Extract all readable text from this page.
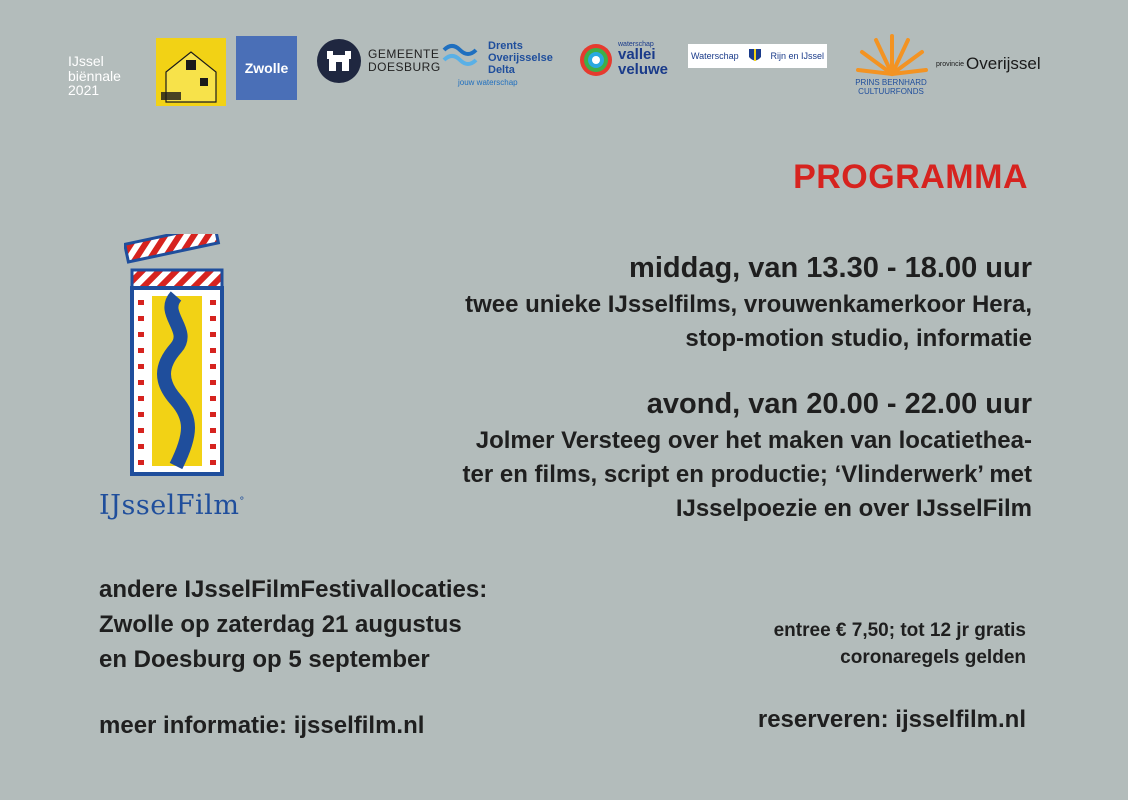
IJssel
biënnale
2021
Zwolle
GEMEENTE
DOESBURG
Drents
Overijsselse
Delta
jouw waterschap
waterschap
vallei
veluwe
Waterschap	Rijn en IJssel
PRINS BERNHARD
CULTUURFONDS
provincie Overijssel
PROGRAMMA
IJsselFilm°
middag, van 13.30 - 18.00 uur
twee unieke IJsselfilms, vrouwenkamerkoor Hera,
stop-motion studio, informatie
avond, van 20.00 - 22.00 uur
Jolmer Versteeg over het maken van locatiethea-
ter en films, script en productie; ‘Vlinderwerk’ met
IJsselpoezie en over IJsselFilm
andere IJsselFilmFestivallocaties:
Zwolle op zaterdag 21 augustus
en Doesburg op 5 september
entree € 7,50; tot 12 jr gratis
coronaregels gelden
meer informatie: ijsselfilm.nl	reserveren: ijsselfilm.nl
